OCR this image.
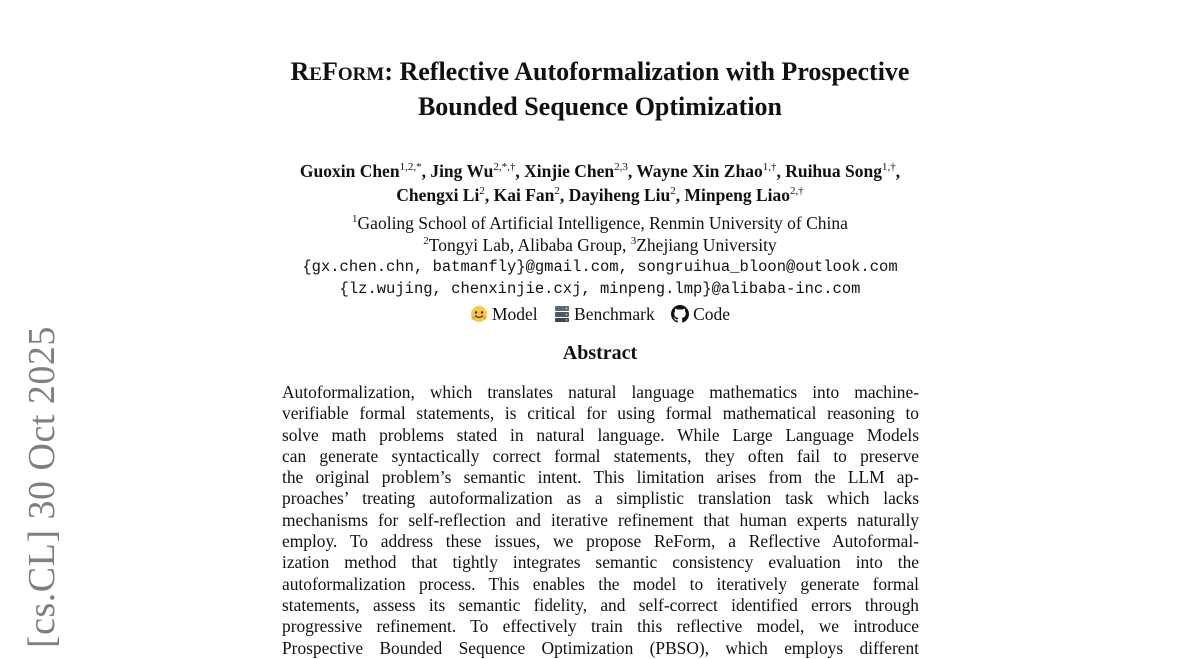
[cs.CL] 30 Oct 2025
REFORM: Reflective Autoformalization with Prospective
Bounded Sequence Optimization
Guoxin Chen$^{1,2,*}$, Jing $Wu^{2,*,\dagger}$, Xinjie Chen$^{2,3}$, Wayne Xin Zhao$^{1,\dagger}$, Ruihua Song$^{1,\dagger}$,
Chengxi Li$^2$, Kai Fan$^2$, Dayiheng Liu$^2$, Minpeng Liao$^{2,\dagger}$
$^1$Gaoling School of Artificial Intelligence, Renmin University of China
$^2$Tongyi Lab, Alibaba Group, $^3$Zhejiang University
{gx.chen.chn, batmanfly}@gmail.com, songruihua_bloon@outlook.com
{lz.wujing, chenxinjie.cxj, minpeng.lmp}@alibaba-inc.com
Model Benchmark Code
Abstract
Autoformalization, which translates natural language mathematics into machine-
verifiable formal statements, is critical for using formal mathematical reasoning to
solve math problems stated in natural language. While Large Language Models
can generate syntactically correct formal statements, they often fail to preserve
the original problem’s semantic intent. This limitation arises from the LLM ap-
proaches’ treating autoformalization as a simplistic translation task which lacks
mechanisms for self-reflection and iterative refinement that human experts naturally
employ. To address these issues, we propose ReForm, a Reflective Autoformal-
ization method that tightly integrates semantic consistency evaluation into the
autoformalization process. This enables the model to iteratively generate formal
statements, assess its semantic fidelity, and self-correct identified errors through
progressive refinement. To effectively train this reflective model, we introduce
Prospective Bounded Sequence Optimization (PBSO), which employs different
